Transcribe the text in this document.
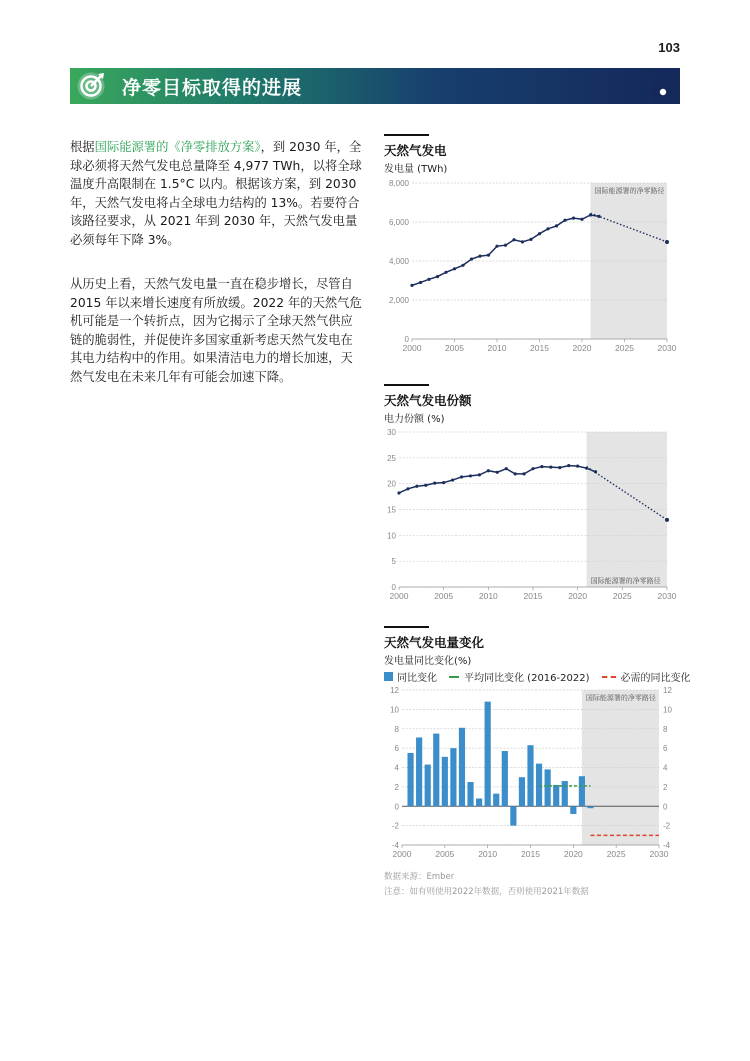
103
净零目标取得的进展
根据国际能源署的《净零排放方案》，到 2030 年，全球必须将天然气发电总量降至 4,977 TWh，以将全球温度升高限制在 1.5°C 以内。根据该方案，到 2030 年，天然气发电将占全球电力结构的 13%。若要符合该路径要求，从 2021 年到 2030 年，天然气发电量必须每年下降 3%。
从历史上看，天然气发电量一直在稳步增长，尽管自 2015 年以来增长速度有所放缓。2022 年的天然气危机可能是一个转折点，因为它揭示了全球天然气供应链的脆弱性，并促使许多国家重新考虑天然气发电在其电力结构中的作用。如果清洁电力的增长加速，天然气发电在未来几年有可能会加速下降。
天然气发电
发电量 (TWh)
0
2,000
4,000
6,000
8,000
2000	2005	2010	2015	2020	2025	2030
国际能源署的净零路径
天然气发电份额
电力份额 (%)
0
5
10
15
20
25
30
2000	2005	2010	2015	2020	2025	2030
国际能源署的净零路径
天然气发电量变化
发电量同比变化(%)
同比变化	平均同比变化 (2016-2022)	必需的同比变化
-4	-4
-2	-2
0	0
2	2
4	4
6	6
8	8
10	10
12	12
2000	2005	2010	2015	2020	2025	2030
国际能源署的净零路径
数据来源：Ember
注意：如有则使用2022年数据，否则使用2021年数据
